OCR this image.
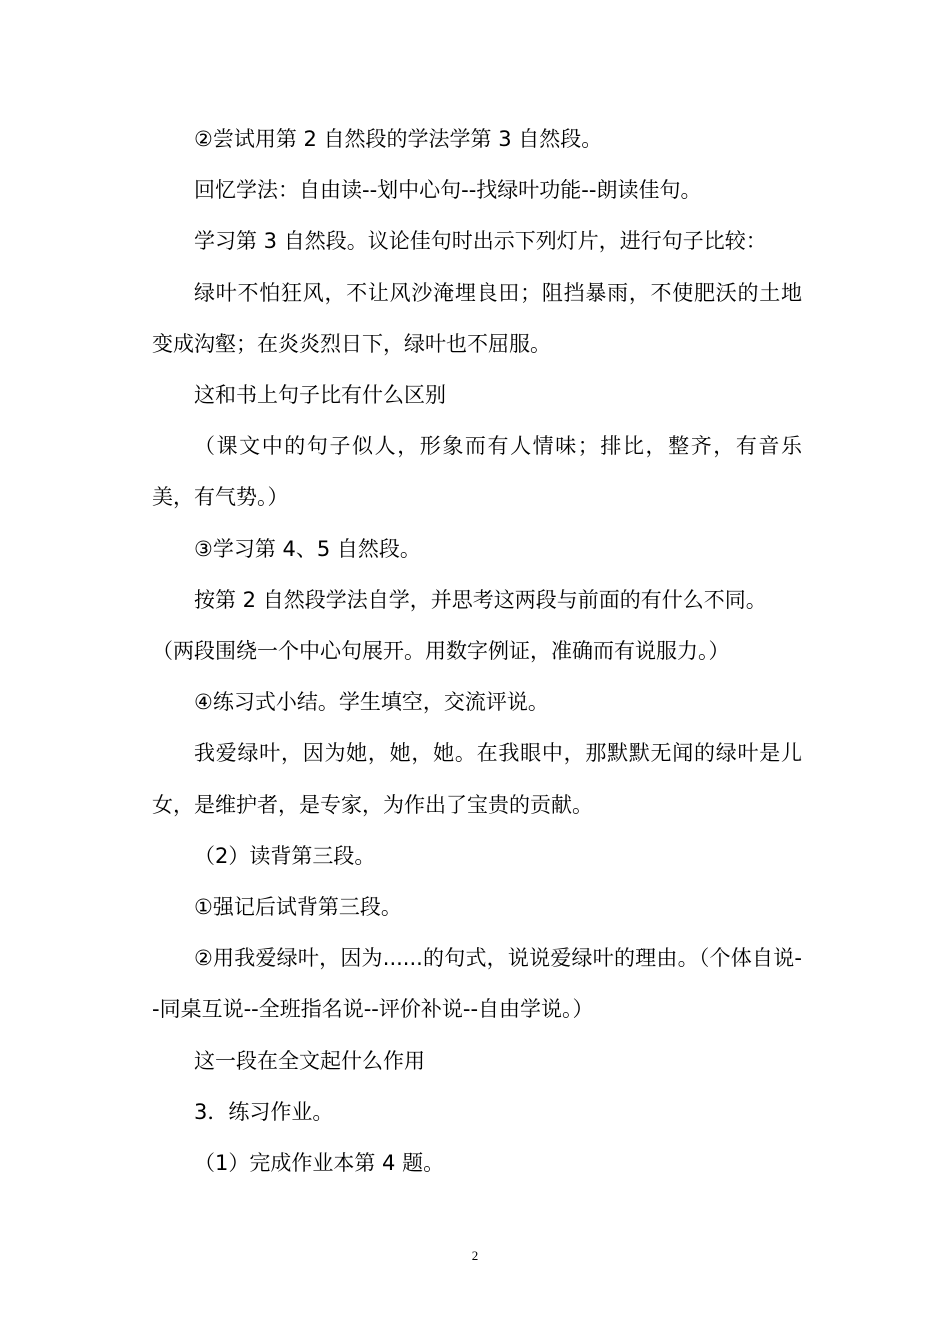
②尝试用第 2 自然段的学法学第 3 自然段。

回忆学法：自由读--划中心句--找绿叶功能--朗读佳句。

学习第 3 自然段。议论佳句时出示下列灯片，进行句子比较：

绿叶不怕狂风，不让风沙淹埋良田；阻挡暴雨，不使肥沃的土地变成沟壑；在炎炎烈日下，绿叶也不屈服。

这和书上句子比有什么区别

（课文中的句子似人，形象而有人情味；排比，整齐，有音乐美，有气势。）

③学习第 4、5 自然段。

按第 2 自然段学法自学，并思考这两段与前面的有什么不同。

（两段围绕一个中心句展开。用数字例证，准确而有说服力。）

④练习式小结。学生填空，交流评说。

我爱绿叶，因为她，她，她。在我眼中，那默默无闻的绿叶是儿女，是维护者，是专家，为作出了宝贵的贡献。

（2）读背第三段。

①强记后试背第三段。

②用我爱绿叶，因为......的句式，说说爱绿叶的理由。（个体自说--同桌互说--全班指名说--评价补说--自由学说。）

这一段在全文起什么作用

3．练习作业。

（1）完成作业本第 4 题。

2
